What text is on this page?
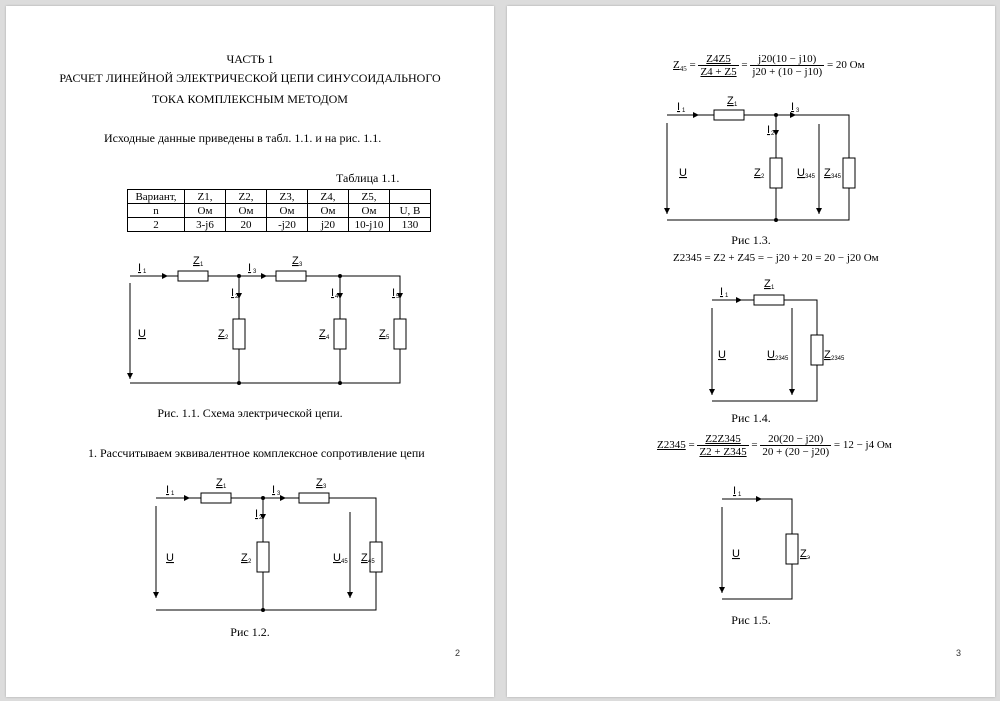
ЧАСТЬ 1
РАСЧЕТ ЛИНЕЙНОЙ ЭЛЕКТРИЧЕСКОЙ ЦЕПИ СИНУСОИДАЛЬНОГО
ТОКА КОМПЛЕКСНЫМ МЕТОДОМ
Исходные данные приведены в табл. 1.1. и на рис. 1.1.
Таблица 1.1.
Вариант,	Z1,	Z2,	Z3,	Z4,	Z5,	
n	Ом	Ом	Ом	Ом	Ом	U, В
2	3-j6	20	-j20	j20	10-j10	130
I 1
Z 1	I 3
Z 3
I 2	I 4	I 5
U	Z 2	Z 4	Z 5
Рис. 1.1. Схема электрической цепи.
1. Рассчитываем эквивалентное комплексное сопротивление цепи
I 1
Z 1	I 3
Z 3
I 2
U	Z 2	U 45 Z 45
Рис 1.2.
2
$Z_{45} = \frac{Z4Z5}{Z4 + Z5} = \frac{j20(10 - j10)}{j20 + (10 - j10)} = 20$ Ом
I 1
Z 1	I 3
I 2
U	Z 2	U 345 Z 345
Рис 1.3.
Z2345 = Z2 + Z45 = − j20 + 20 = 20 − j20 Ом
I 1
Z 1
U	U 2345	Z 2345
Рис 1.4.
$Z2345 = \frac{Z2Z345}{Z2 + Z345} = \frac{20(20 - j20)}{20 + (20 - j20)} = 12 - j4$ Ом
I 1
U	Z э
Рис 1.5.
3
